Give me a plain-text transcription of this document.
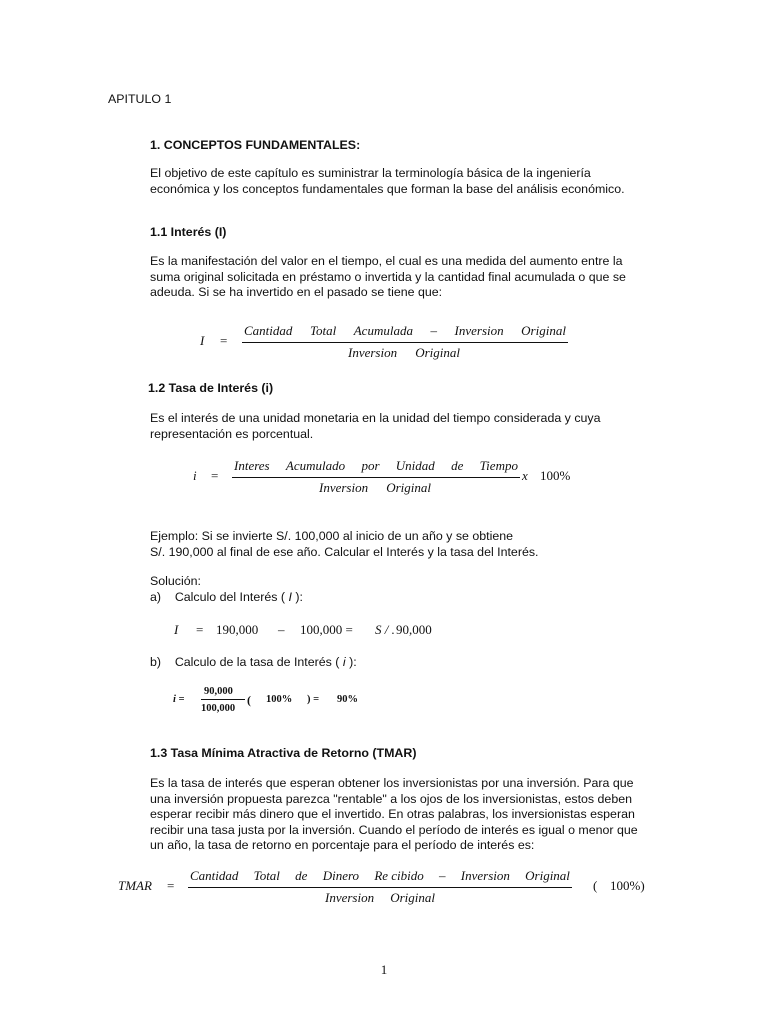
APITULO 1
1. CONCEPTOS FUNDAMENTALES:
El objetivo de este capítulo es suministrar la terminología básica de la ingeniería
económica y los conceptos fundamentales que forman la base del análisis económico.
1.1 Interés (I)
Es la manifestación del valor en el tiempo, el cual es una medida del aumento entre la
suma original solicitada en préstamo o invertida y la cantidad final acumulada o que se
adeuda. Si se ha invertido en el pasado se tiene que:
I =
Cantidad Total Acumulada – Inversion Original
Inversion Original
1.2 Tasa de Interés (i)
Es el interés de una unidad monetaria en la unidad del tiempo considerada y cuya
representación es porcentual.
i =
Interes Acumulado por Unidad de Tiempo
Inversion Original
x 100%
Ejemplo: Si se invierte S/. 100,000 al inicio de un año y se obtiene
S/. 190,000 al final de ese año. Calcular el Interés y la tasa del Interés.
Solución:
a) Calculo del Interés ( I ):
I = 190,000 – 100,000 = S / . 90,000
b) Calculo de la tasa de Interés ( i ):
i =
90,000
100,000
( 100% ) = 90%
1.3 Tasa Mínima Atractiva de Retorno (TMAR)
Es la tasa de interés que esperan obtener los inversionistas por una inversión. Para que
una inversión propuesta parezca "rentable" a los ojos de los inversionistas, estos deben
esperar recibir más dinero que el invertido. En otras palabras, los inversionistas esperan
recibir una tasa justa por la inversión. Cuando el período de interés es igual o menor que
un año, la tasa de retorno en porcentaje para el período de interés es:
TMAR =
Cantidad Total de Dinero Re cibido – Inversion Original
Inversion Original
( 100%)
1
